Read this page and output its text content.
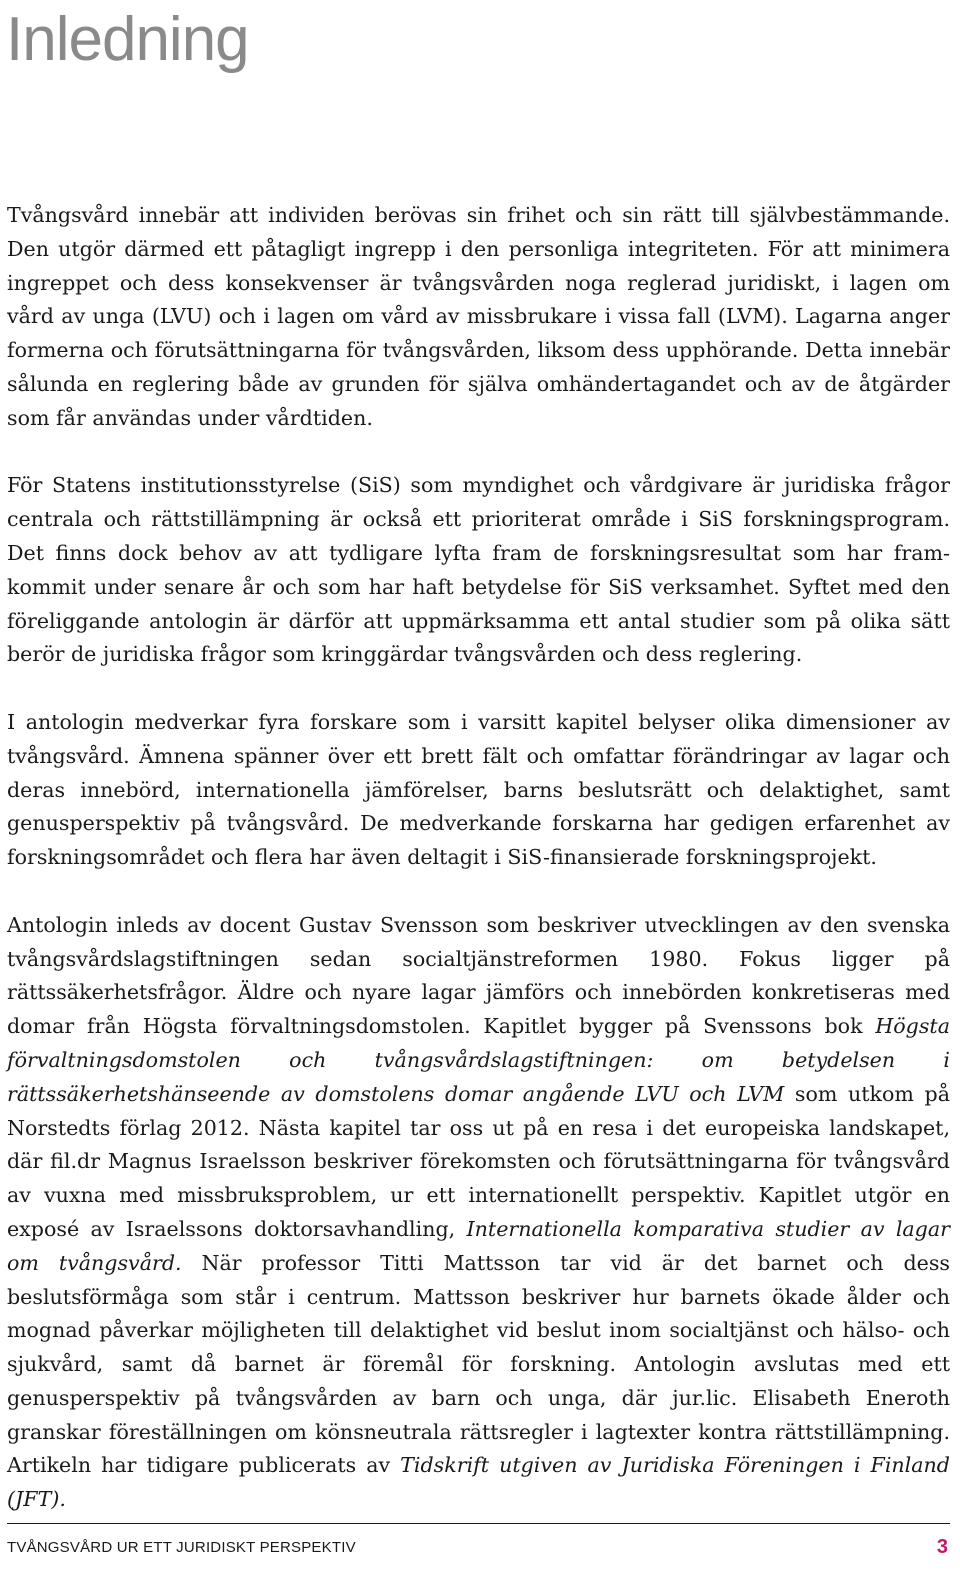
Inledning

Tvångsvård innebär att individen berövas sin frihet och sin rätt till självbestämmande. Den utgör därmed ett påtagligt ingrepp i den personliga integriteten. För att minimera ingreppet och dess konsekvenser är tvångsvården noga reglerad juridiskt, i lagen om vård av unga (LVU) och i lagen om vård av missbrukare i vissa fall (LVM). Lagarna anger formerna och förutsättningarna för tvångsvården, liksom dess upphörande. Detta innebär sålunda en reglering både av grunden för själva omhändertagandet och av de åtgärder som får användas under vårdtiden.

För Statens institutionsstyrelse (SiS) som myndighet och vårdgivare är juridiska frågor centrala och rättstillämpning är också ett prioriterat område i SiS forskningsprogram. Det finns dock behov av att tydligare lyfta fram de forskningsresultat som har framkommit under senare år och som har haft betydelse för SiS verksamhet. Syftet med den föreliggande antologin är därför att uppmärksamma ett antal studier som på olika sätt berör de juridiska frågor som kringgärdar tvångsvården och dess reglering.

I antologin medverkar fyra forskare som i varsitt kapitel belyser olika dimensioner av tvångsvård. Ämnena spänner över ett brett fält och omfattar förändringar av lagar och deras innebörd, internationella jämförelser, barns beslutsrätt och delaktighet, samt genusperspektiv på tvångsvård. De medverkande forskarna har gedigen erfarenhet av forskningsområdet och flera har även deltagit i SiS-finansierade forskningsprojekt.

Antologin inleds av docent Gustav Svensson som beskriver utvecklingen av den svenska tvångsvårdslagstiftningen sedan socialtjänstreformen 1980. Fokus ligger på rättssäkerhetsfrågor. Äldre och nyare lagar jämförs och innebörden konkretiseras med domar från Högsta förvaltningsdomstolen. Kapitlet bygger på Svenssons bok Högsta förvaltningsdomstolen och tvångsvårdslagstiftningen: om betydelsen i rättssäkerhetshänseende av domstolens domar angående LVU och LVM som utkom på Norstedts förlag 2012. Nästa kapitel tar oss ut på en resa i det europeiska landskapet, där fil.dr Magnus Israelsson beskriver förekomsten och förutsättningarna för tvångsvård av vuxna med missbruksproblem, ur ett internationellt perspektiv. Kapitlet utgör en exposé av Israelssons doktorsavhandling, Internationella komparativa studier av lagar om tvångsvård. När professor Titti Mattsson tar vid är det barnet och dess beslutsförmåga som står i centrum. Mattsson beskriver hur barnets ökade ålder och mognad påverkar möjligheten till delaktighet vid beslut inom socialtjänst och hälso- och sjukvård, samt då barnet är föremål för forskning. Antologin avslutas med ett genusperspektiv på tvångsvården av barn och unga, där jur.lic. Elisabeth Eneroth granskar föreställningen om könsneutrala rättsregler i lagtexter kontra rättstillämpning. Artikeln har tidigare publicerats av Tidskrift utgiven av Juridiska Föreningen i Finland (JFT).

TVÅNGSVÅRD UR ETT JURIDISKT PERSPEKTIV	3
